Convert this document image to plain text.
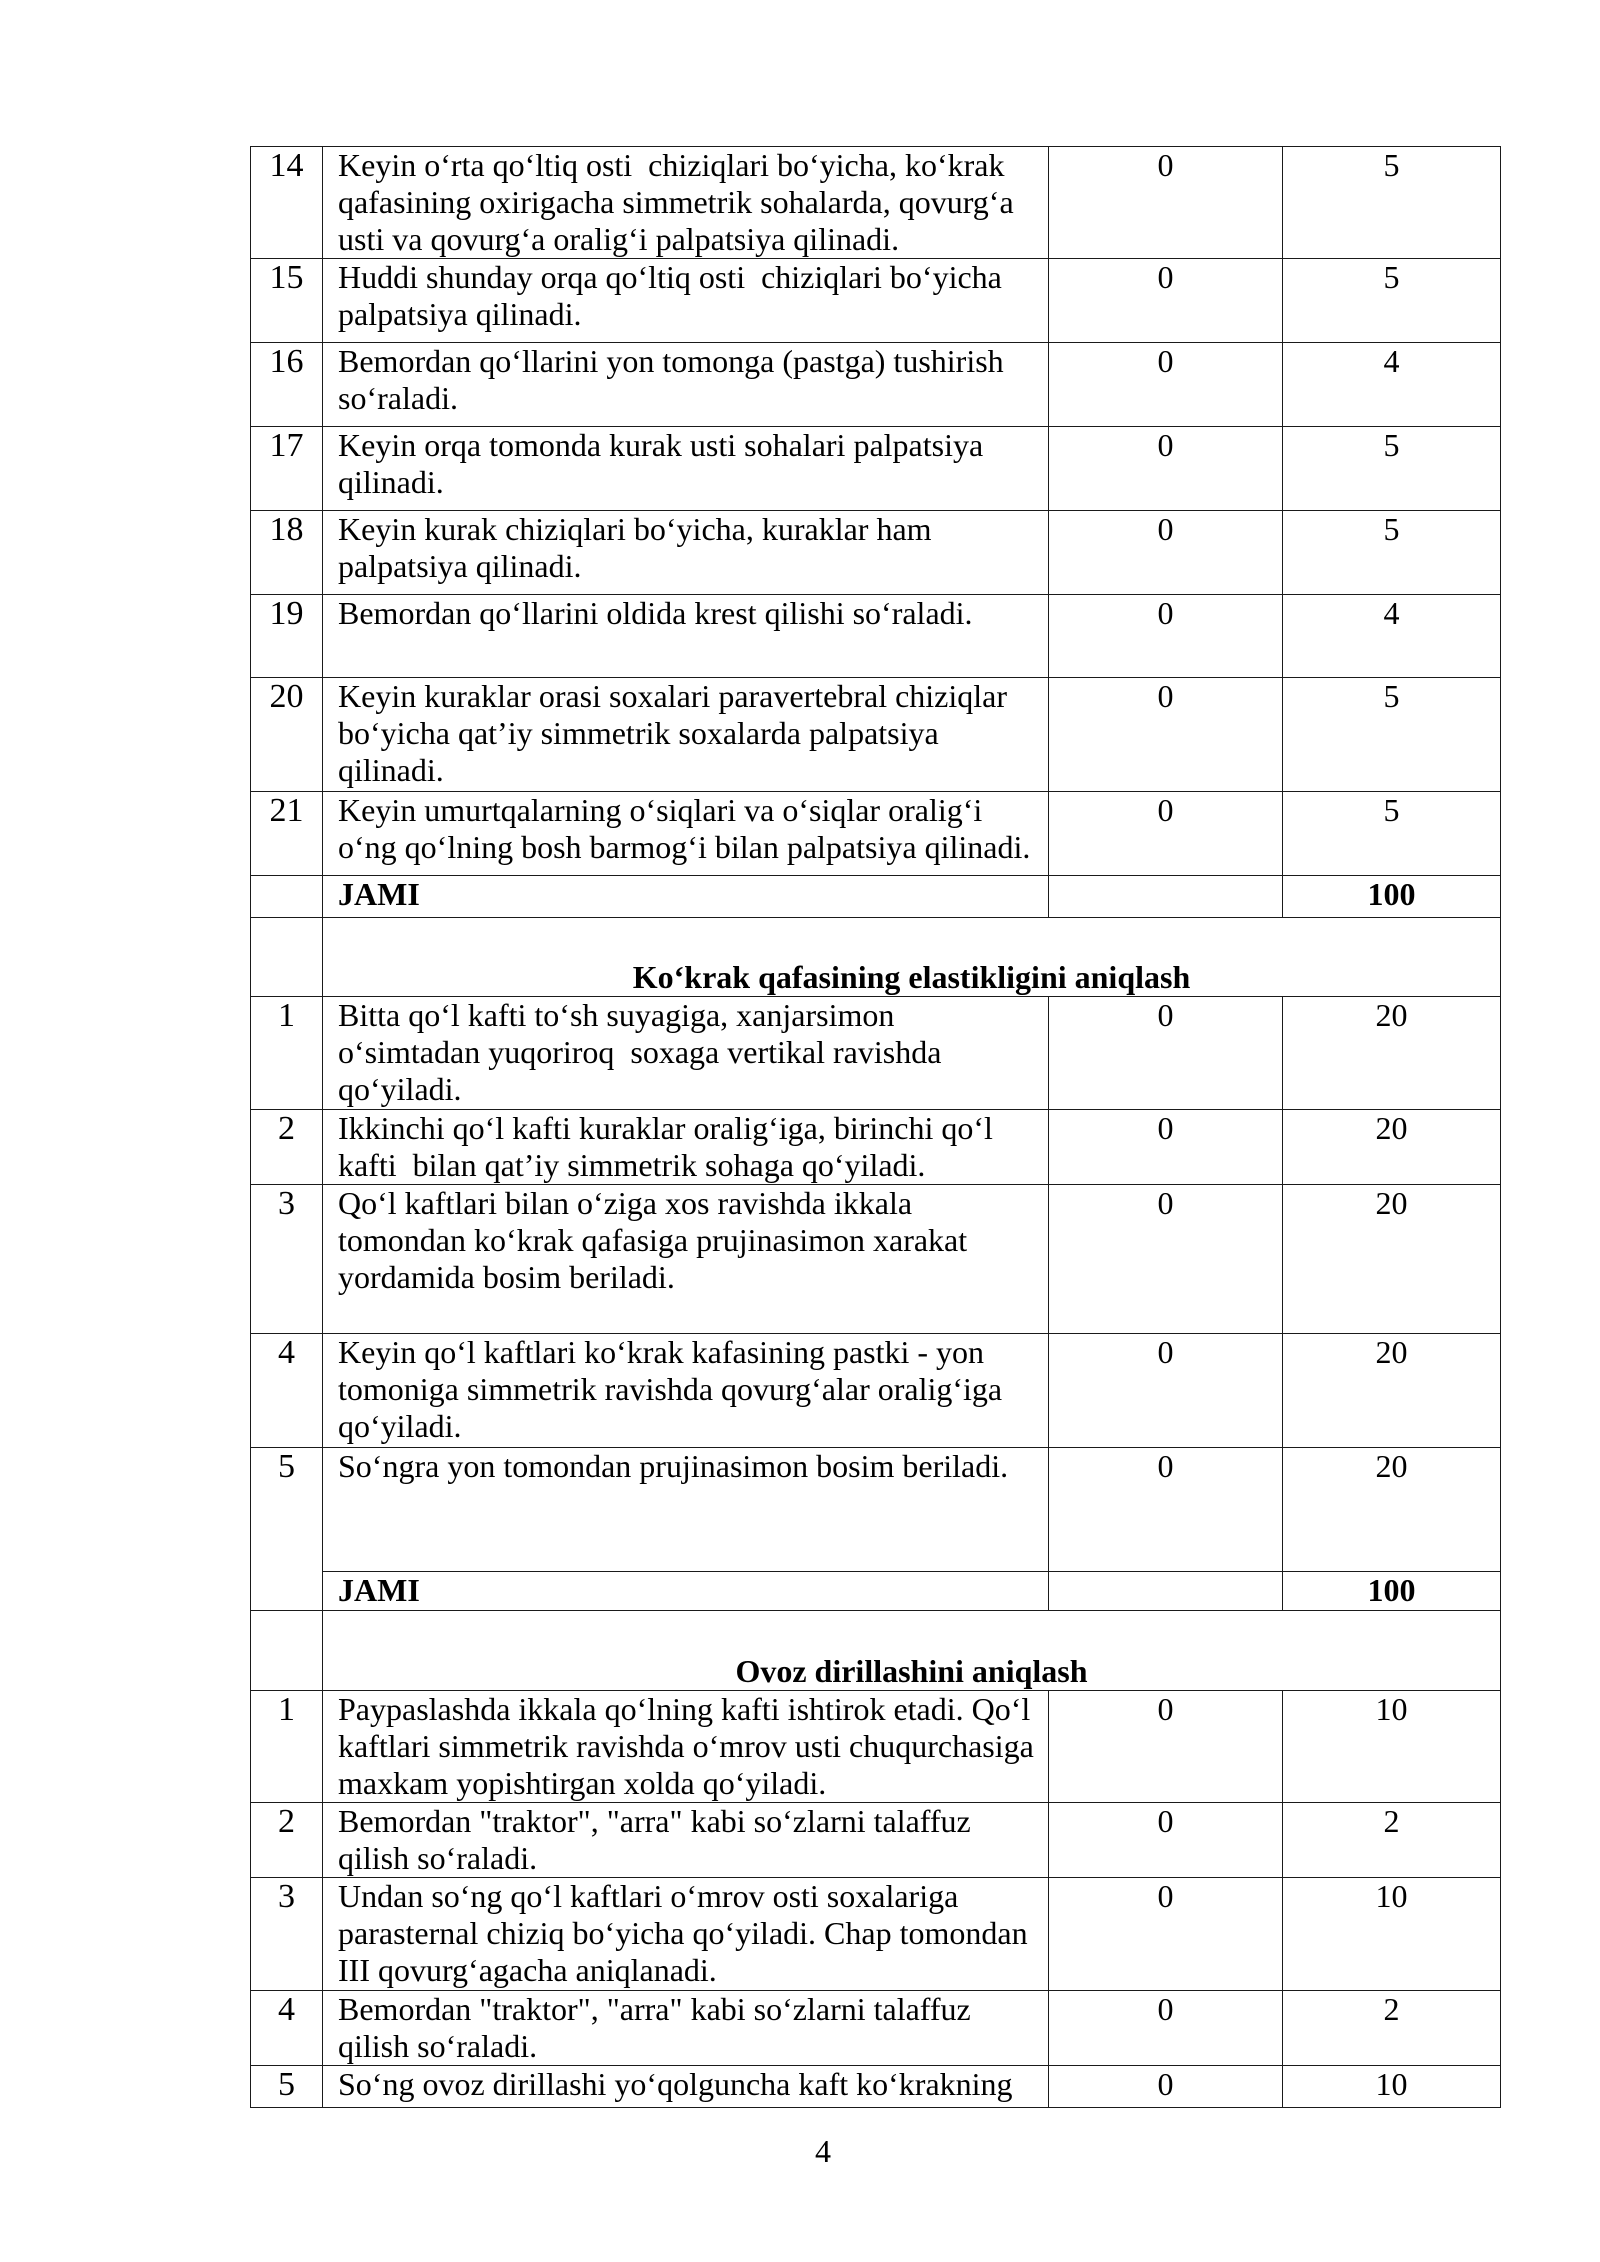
14	Keyin o‘rta qo‘ltiq osti  chiziqlari bo‘yicha, ko‘krak
qafasining oxirigacha simmetrik sohalarda, qovurg‘a
usti va qovurg‘a oralig‘i palpatsiya qilinadi.	0	5
15	Huddi shunday orqa qo‘ltiq osti  chiziqlari bo‘yicha
palpatsiya qilinadi.	0	5
16	Bemordan qo‘llarini yon tomonga (pastga) tushirish
so‘raladi.	0	4
17	Keyin orqa tomonda kurak usti sohalari palpatsiya
qilinadi.	0	5
18	Keyin kurak chiziqlari bo‘yicha, kuraklar ham
palpatsiya qilinadi.	0	5
19	Bemordan qo‘llarini oldida krest qilishi so‘raladi.	0	4
20	Keyin kuraklar orasi soxalari paravertebral chiziqlar
bo‘yicha qat’iy simmetrik soxalarda palpatsiya
qilinadi.	0	5
21	Keyin umurtqalarning o‘siqlari va o‘siqlar oralig‘i
o‘ng qo‘lning bosh barmog‘i bilan palpatsiya qilinadi.	0	5
	JAMI		100
	Ko‘krak qafasining elastikligini aniqlash		
1	Bitta qo‘l kafti to‘sh suyagiga, xanjarsimon
o‘simtadan yuqoriroq  soxaga vertikal ravishda
qo‘yiladi.	0	20
2	Ikkinchi qo‘l kafti kuraklar oralig‘iga, birinchi qo‘l
kafti  bilan qat’iy simmetrik sohaga qo‘yiladi.	0	20
3	Qo‘l kaftlari bilan o‘ziga xos ravishda ikkala
tomondan ko‘krak qafasiga prujinasimon xarakat
yordamida bosim beriladi.	0	20
4	Keyin qo‘l kaftlari ko‘krak kafasining pastki - yon
tomoniga simmetrik ravishda qovurg‘alar oralig‘iga
qo‘yiladi.	0	20
5	So‘ngra yon tomondan prujinasimon bosim beriladi.	0	20
	JAMI		100
	Ovoz dirillashini aniqlash		
1	Paypaslashda ikkala qo‘lning kafti ishtirok etadi. Qo‘l
kaftlari simmetrik ravishda o‘mrov usti chuqurchasiga
maxkam yopishtirgan xolda qo‘yiladi.	0	10
2	Bemordan "traktor", "arra" kabi so‘zlarni talaffuz
qilish so‘raladi.	0	2
3	Undan so‘ng qo‘l kaftlari o‘mrov osti soxalariga
parasternal chiziq bo‘yicha qo‘yiladi. Chap tomondan
III qovurg‘agacha aniqlanadi.	0	10
4	Bemordan "traktor", "arra" kabi so‘zlarni talaffuz
qilish so‘raladi.	0	2
5	So‘ng ovoz dirillashi yo‘qolguncha kaft ko‘krakning	0	10
4
